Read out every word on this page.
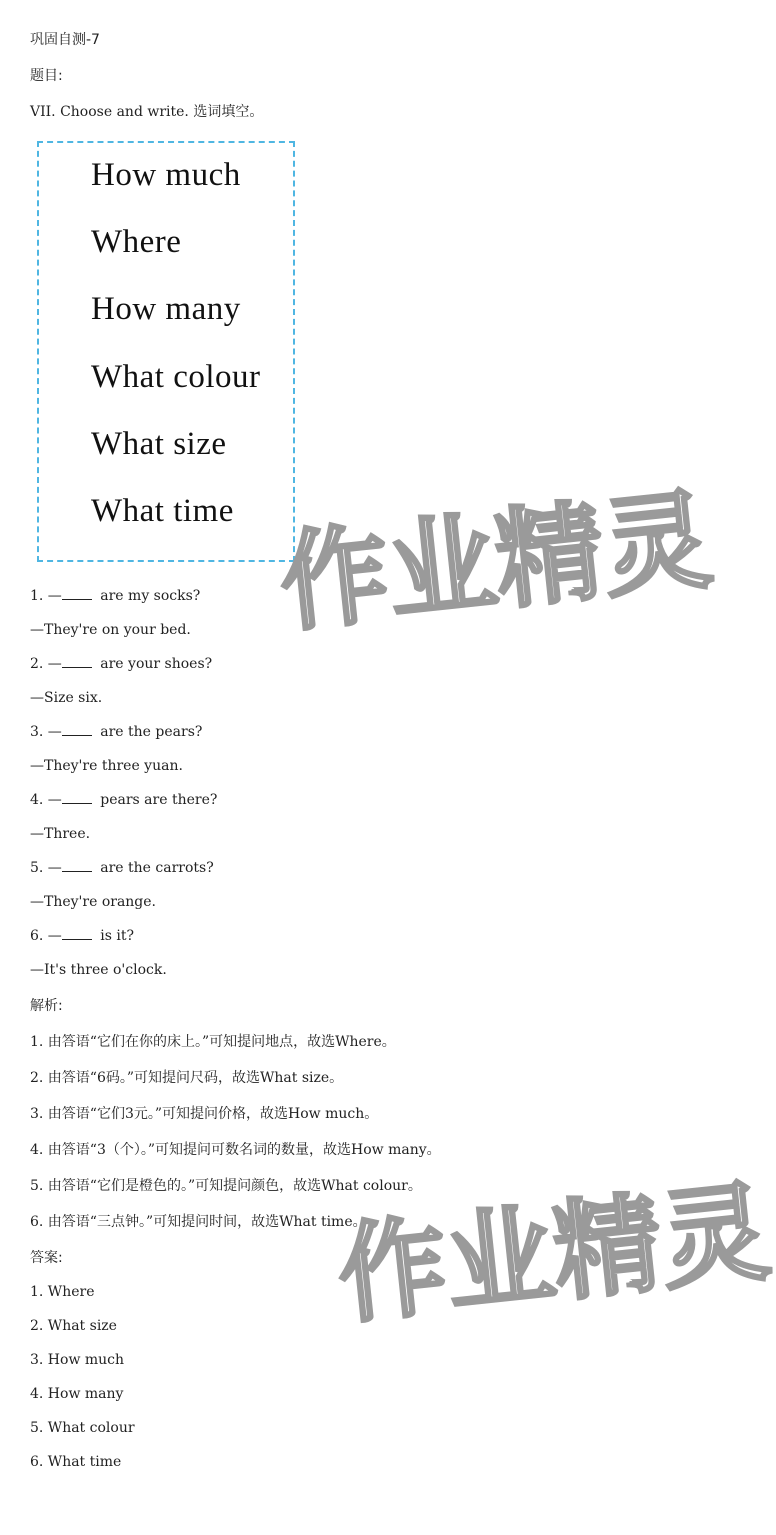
巩固自测-7
题目:
VII. Choose and write. 选词填空。
How much
Where
How many
What colour
What size
What time
1. — are my socks?
—They're on your bed.
2. — are your shoes?
—Size six.
3. — are the pears?
—They're three yuan.
4. — pears are there?
—Three.
5. — are the carrots?
—They're orange.
6. — is it?
—It's three o'clock.
解析:
1. 由答语“它们在你的床上。”可知提问地点，故选Where。
2. 由答语“6码。”可知提问尺码，故选What size。
3. 由答语“它们3元。”可知提问价格，故选How much。
4. 由答语“3（个）。”可知提问可数名词的数量，故选How many。
5. 由答语“它们是橙色的。”可知提问颜色，故选What colour。
6. 由答语“三点钟。”可知提问时间，故选What time。
答案:
1. Where
2. What size
3. How much
4. How many
5. What colour
6. What time
作业精灵
作业精灵
